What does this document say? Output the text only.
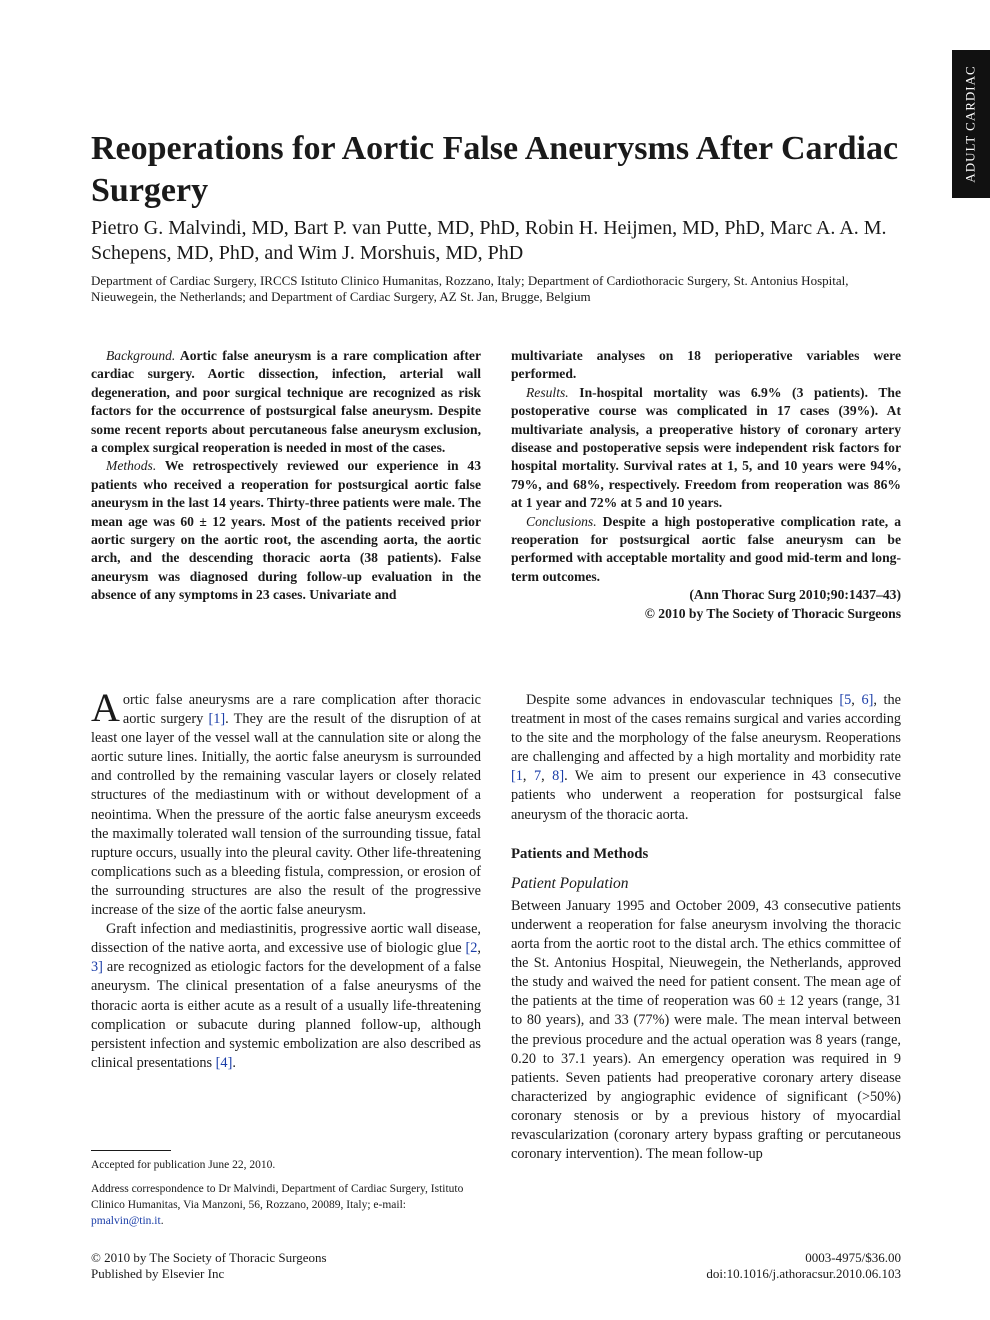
ADULT CARDIAC
Reoperations for Aortic False Aneurysms After Cardiac Surgery

Pietro G. Malvindi, MD, Bart P. van Putte, MD, PhD, Robin H. Heijmen, MD, PhD, Marc A. A. M. Schepens, MD, PhD, and Wim J. Morshuis, MD, PhD

Department of Cardiac Surgery, IRCCS Istituto Clinico Humanitas, Rozzano, Italy; Department of Cardiothoracic Surgery, St. Antonius Hospital, Nieuwegein, the Netherlands; and Department of Cardiac Surgery, AZ St. Jan, Brugge, Belgium

Background. Aortic false aneurysm is a rare complication after cardiac surgery. Aortic dissection, infection, arterial wall degeneration, and poor surgical technique are recognized as risk factors for the occurrence of postsurgical false aneurysm. Despite some recent reports about percutaneous false aneurysm exclusion, a complex surgical reoperation is needed in most of the cases.

Methods. We retrospectively reviewed our experience in 43 patients who received a reoperation for postsurgical aortic false aneurysm in the last 14 years. Thirty-three patients were male. The mean age was 60 ± 12 years. Most of the patients received prior aortic surgery on the aortic root, the ascending aorta, the aortic arch, and the descending thoracic aorta (38 patients). False aneurysm was diagnosed during follow-up evaluation in the absence of any symptoms in 23 cases. Univariate and

multivariate analyses on 18 perioperative variables were performed.

Results. In-hospital mortality was 6.9% (3 patients). The postoperative course was complicated in 17 cases (39%). At multivariate analysis, a preoperative history of coronary artery disease and postoperative sepsis were independent risk factors for hospital mortality. Survival rates at 1, 5, and 10 years were 94%, 79%, and 68%, respectively. Freedom from reoperation was 86% at 1 year and 72% at 5 and 10 years.

Conclusions. Despite a high postoperative complication rate, a reoperation for postsurgical aortic false aneurysm can be performed with acceptable mortality and good mid-term and long-term outcomes.

(Ann Thorac Surg 2010;90:1437–43)

© 2010 by The Society of Thoracic Surgeons

Aortic false aneurysms are a rare complication after thoracic aortic surgery [1]. They are the result of the disruption of at least one layer of the vessel wall at the cannulation site or along the aortic suture lines. Initially, the aortic false aneurysm is surrounded and controlled by the remaining vascular layers or closely related structures of the mediastinum with or without development of a neointima. When the pressure of the aortic false aneurysm exceeds the maximally tolerated wall tension of the surrounding tissue, fatal rupture occurs, usually into the pleural cavity. Other life-threatening complications such as a bleeding fistula, compression, or erosion of the surrounding structures are also the result of the progressive increase of the size of the aortic false aneurysm.

Graft infection and mediastinitis, progressive aortic wall disease, dissection of the native aorta, and excessive use of biologic glue [2, 3] are recognized as etiologic factors for the development of a false aneurysm. The clinical presentation of a false aneurysms of the thoracic aorta is either acute as a result of a usually life-threatening complication or subacute during planned follow-up, although persistent infection and systemic embolization are also described as clinical presentations [4].

Despite some advances in endovascular techniques [5, 6], the treatment in most of the cases remains surgical and varies according to the site and the morphology of the false aneurysm. Reoperations are challenging and affected by a high mortality and morbidity rate [1, 7, 8]. We aim to present our experience in 43 consecutive patients who underwent a reoperation for postsurgical false aneurysm of the thoracic aorta.

Patients and Methods
Patient Population

Between January 1995 and October 2009, 43 consecutive patients underwent a reoperation for false aneurysm involving the thoracic aorta from the aortic root to the distal arch. The ethics committee of the St. Antonius Hospital, Nieuwegein, the Netherlands, approved the study and waived the need for patient consent. The mean age of the patients at the time of reoperation was 60 ± 12 years (range, 31 to 80 years), and 33 (77%) were male. The mean interval between the previous procedure and the actual operation was 8 years (range, 0.20 to 37.1 years). An emergency operation was required in 9 patients. Seven patients had preoperative coronary artery disease characterized by angiographic evidence of significant (>50%) coronary stenosis or by a previous history of myocardial revascularization (coronary artery bypass grafting or percutaneous coronary intervention). The mean follow-up

Accepted for publication June 22, 2010.

Address correspondence to Dr Malvindi, Department of Cardiac Surgery, Istituto Clinico Humanitas, Via Manzoni, 56, Rozzano, 20089, Italy; e-mail: pmalvin@tin.it.

© 2010 by The Society of Thoracic Surgeons
Published by Elsevier Inc
0003-4975/$36.00
doi:10.1016/j.athoracsur.2010.06.103
